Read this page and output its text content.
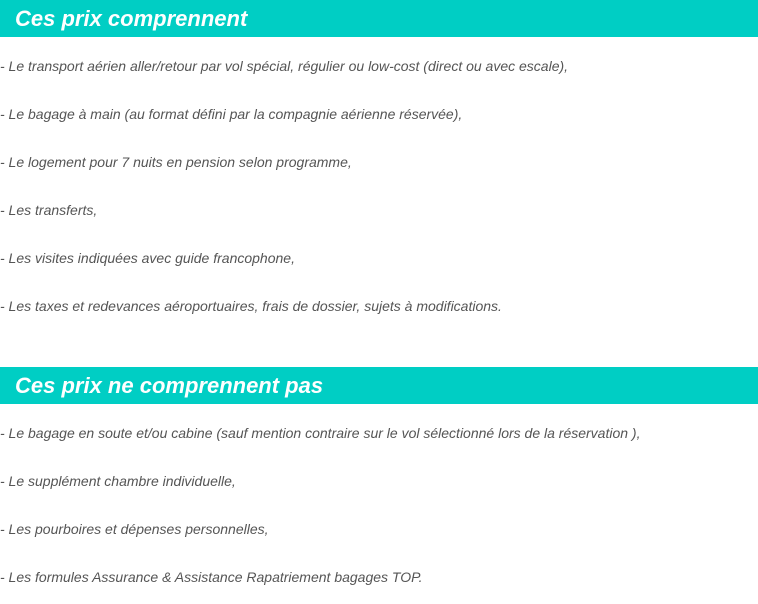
Ces prix comprennent
- Le transport aérien aller/retour par vol spécial, régulier ou low-cost (direct ou avec escale),
- Le bagage à main (au format défini par la compagnie aérienne réservée),
- Le logement pour 7 nuits en pension selon programme,
- Les transferts,
- Les visites indiquées avec guide francophone,
- Les taxes et redevances aéroportuaires, frais de dossier, sujets à modifications.
Ces prix ne comprennent pas
- Le bagage en soute et/ou cabine (sauf mention contraire sur le vol sélectionné lors de la réservation ),
- Le supplément chambre individuelle,
- Les pourboires et dépenses personnelles,
- Les formules Assurance & Assistance Rapatriement bagages TOP.
